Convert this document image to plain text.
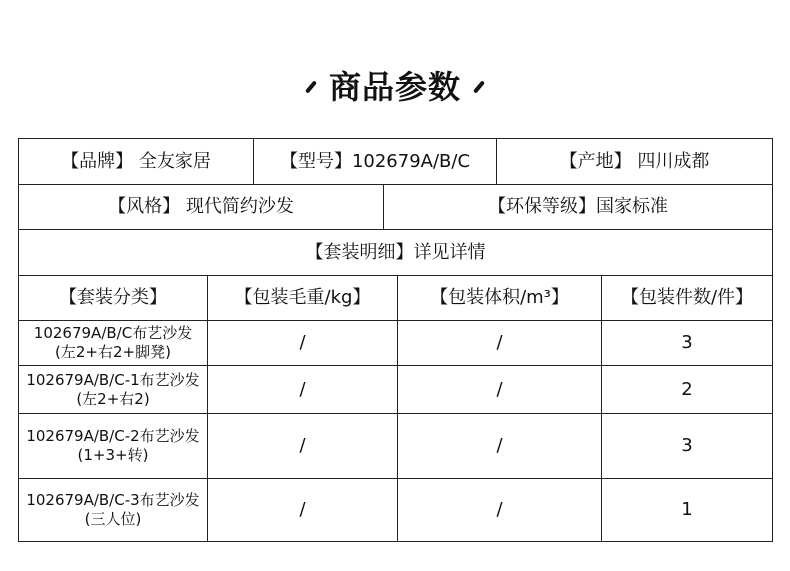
商品参数
【品牌】 全友家居	【型号】102679A/B/C	【产地】 四川成都
【风格】 现代简约沙发	【环保等级】国家标准
【套装明细】详见详情
【套装分类】	【包装毛重/kg】	【包装体积/m³】	【包装件数/件】
102679A/B/C布艺沙发
(左2+右2+脚凳)	/	/	3
102679A/B/C-1布艺沙发
(左2+右2)	/	/	2
102679A/B/C-2布艺沙发
(1+3+转)	/	/	3
102679A/B/C-3布艺沙发
(三人位)	/	/	1
